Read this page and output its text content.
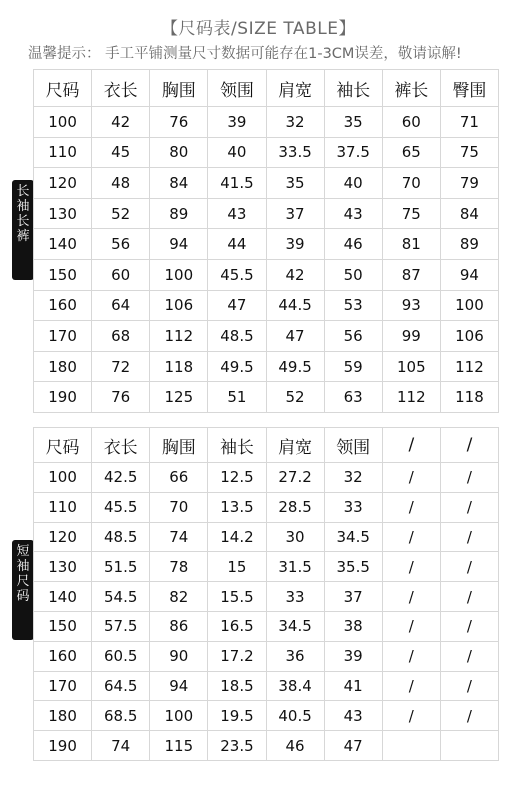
【尺码表/SIZE TABLE】
温馨提示： 手工平铺测量尺寸数据可能存在1-3CM误差，敬请谅解!
长
袖
长
裤
短
袖
尺
码
尺码	衣长	胸围	领围	肩宽	袖长	裤长	臀围
100	42	76	39	32	35	60	71
110	45	80	40	33.5	37.5	65	75
120	48	84	41.5	35	40	70	79
130	52	89	43	37	43	75	84
140	56	94	44	39	46	81	89
150	60	100	45.5	42	50	87	94
160	64	106	47	44.5	53	93	100
170	68	112	48.5	47	56	99	106
180	72	118	49.5	49.5	59	105	112
190	76	125	51	52	63	112	118
尺码	衣长	胸围	袖长	肩宽	领围	/	/
100	42.5	66	12.5	27.2	32	/	/
110	45.5	70	13.5	28.5	33	/	/
120	48.5	74	14.2	30	34.5	/	/
130	51.5	78	15	31.5	35.5	/	/
140	54.5	82	15.5	33	37	/	/
150	57.5	86	16.5	34.5	38	/	/
160	60.5	90	17.2	36	39	/	/
170	64.5	94	18.5	38.4	41	/	/
180	68.5	100	19.5	40.5	43	/	/
190	74	115	23.5	46	47		
